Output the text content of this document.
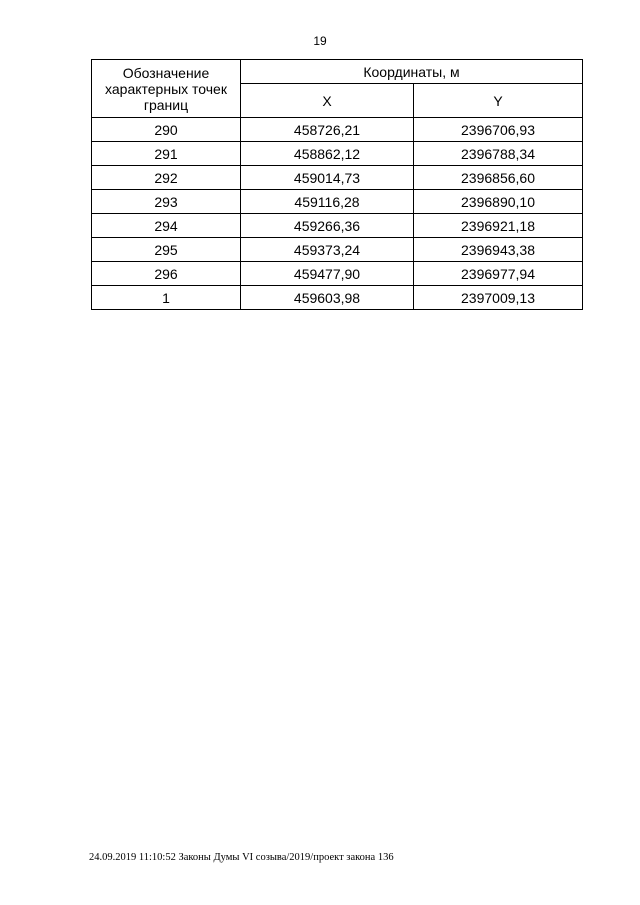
19
Обозначение характерных точек границ	Координаты, м	
	X	Y
290	458726,21	2396706,93
291	458862,12	2396788,34
292	459014,73	2396856,60
293	459116,28	2396890,10
294	459266,36	2396921,18
295	459373,24	2396943,38
296	459477,90	2396977,94
1	459603,98	2397009,13
24.09.2019 11:10:52 Законы Думы VI созыва/2019/проект закона 136
